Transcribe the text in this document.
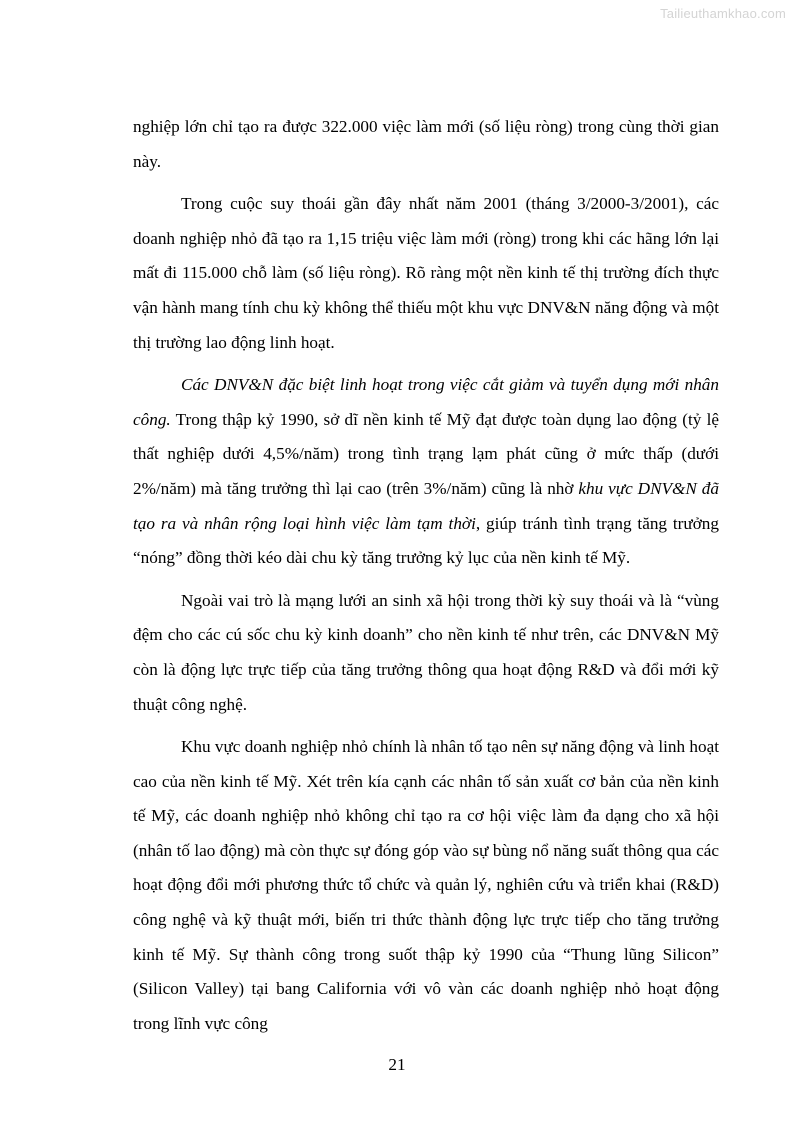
Tailieuthamkhao.com

nghiệp lớn chỉ tạo ra được 322.000 việc làm mới (số liệu ròng) trong cùng thời gian này.

Trong cuộc suy thoái gần đây nhất năm 2001 (tháng 3/2000-3/2001), các doanh nghiệp nhỏ đã tạo ra 1,15 triệu việc làm mới (ròng) trong khi các hãng lớn lại mất đi 115.000 chỗ làm (số liệu ròng). Rõ ràng một nền kinh tế thị trường đích thực vận hành mang tính chu kỳ không thể thiếu một khu vực DNV&N năng động và một thị trường lao động linh hoạt.

Các DNV&N đặc biệt linh hoạt trong việc cắt giảm và tuyển dụng mới nhân công. Trong thập kỷ 1990, sở dĩ nền kinh tế Mỹ đạt được toàn dụng lao động (tỷ lệ thất nghiệp dưới 4,5%/năm) trong tình trạng lạm phát cũng ở mức thấp (dưới 2%/năm) mà tăng trưởng thì lại cao (trên 3%/năm) cũng là nhờ khu vực DNV&N đã tạo ra và nhân rộng loại hình việc làm tạm thời, giúp tránh tình trạng tăng trưởng “nóng” đồng thời kéo dài chu kỳ tăng trưởng kỷ lục của nền kinh tế Mỹ.

Ngoài vai trò là mạng lưới an sinh xã hội trong thời kỳ suy thoái và là “vùng đệm cho các cú sốc chu kỳ kinh doanh” cho nền kinh tế như trên, các DNV&N Mỹ còn là động lực trực tiếp của tăng trưởng thông qua hoạt động R&D và đổi mới kỹ thuật công nghệ.

Khu vực doanh nghiệp nhỏ chính là nhân tố tạo nên sự năng động và linh hoạt cao của nền kinh tế Mỹ. Xét trên kía cạnh các nhân tố sản xuất cơ bản của nền kinh tế Mỹ, các doanh nghiệp nhỏ không chỉ tạo ra cơ hội việc làm đa dạng cho xã hội (nhân tố lao động) mà còn thực sự đóng góp vào sự bùng nổ năng suất thông qua các hoạt động đổi mới phương thức tổ chức và quản lý, nghiên cứu và triển khai (R&D) công nghệ và kỹ thuật mới, biến tri thức thành động lực trực tiếp cho tăng trưởng kinh tế Mỹ. Sự thành công trong suốt thập kỷ 1990 của “Thung lũng Silicon” (Silicon Valley) tại bang California với vô vàn các doanh nghiệp nhỏ hoạt động trong lĩnh vực công

21
